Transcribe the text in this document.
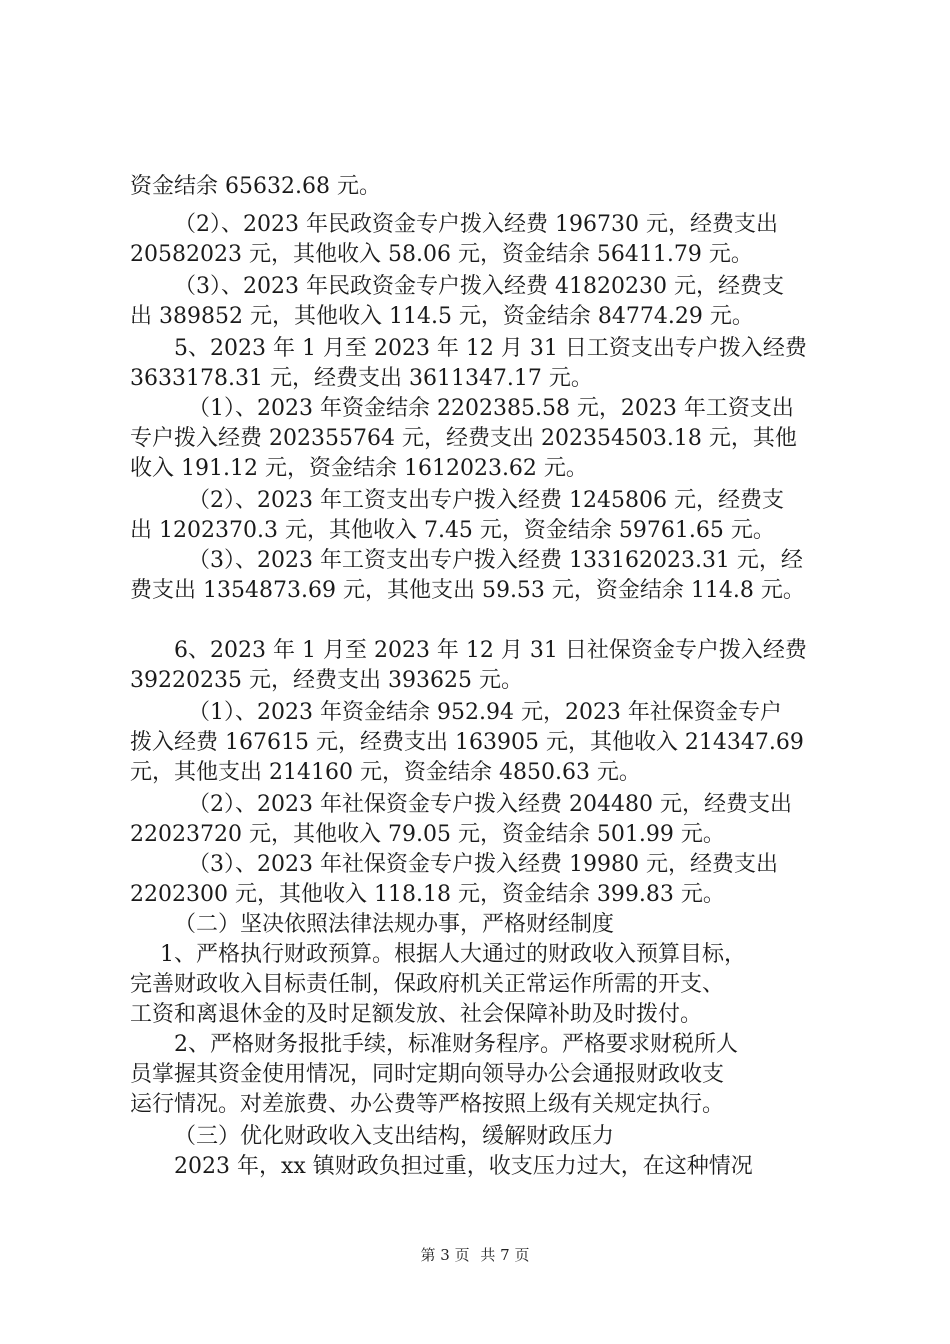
资金结余 65632.68 元。
（2）、2023 年民政资金专户拨入经费 196730 元，经费支出
20582023 元，其他收入 58.06 元，资金结余 56411.79 元。
（3）、2023 年民政资金专户拨入经费 41820230 元，经费支
出 389852 元，其他收入 114.5 元，资金结余 84774.29 元。
5、2023 年 1 月至 2023 年 12 月 31 日工资支出专户拨入经费
3633178.31 元，经费支出 3611347.17 元。
（1）、2023 年资金结余 2202385.58 元，2023 年工资支出
专户拨入经费 202355764 元，经费支出 202354503.18 元，其他
收入 191.12 元，资金结余 1612023.62 元。
（2）、2023 年工资支出专户拨入经费 1245806 元，经费支
出 1202370.3 元，其他收入 7.45 元，资金结余 59761.65 元。
（3）、2023 年工资支出专户拨入经费 133162023.31 元，经
费支出 1354873.69 元，其他支出 59.53 元，资金结余 114.8 元。
6、2023 年 1 月至 2023 年 12 月 31 日社保资金专户拨入经费
39220235 元，经费支出 393625 元。
（1）、2023 年资金结余 952.94 元，2023 年社保资金专户
拨入经费 167615 元，经费支出 163905 元，其他收入 214347.69
元，其他支出 214160 元，资金结余 4850.63 元。
（2）、2023 年社保资金专户拨入经费 204480 元，经费支出
22023720 元，其他收入 79.05 元，资金结余 501.99 元。
（3）、2023 年社保资金专户拨入经费 19980 元，经费支出
2202300 元，其他收入 118.18 元，资金结余 399.83 元。
（二）坚决依照法律法规办事，严格财经制度
1、严格执行财政预算。根据人大通过的财政收入预算目标，
完善财政收入目标责任制，保政府机关正常运作所需的开支、
工资和离退休金的及时足额发放、社会保障补助及时拨付。
2、严格财务报批手续，标准财务程序。严格要求财税所人
员掌握其资金使用情况，同时定期向领导办公会通报财政收支
运行情况。对差旅费、办公费等严格按照上级有关规定执行。
（三）优化财政收入支出结构，缓解财政压力
2023 年，xx 镇财政负担过重，收支压力过大，在这种情况
第 3 页 共 7 页
